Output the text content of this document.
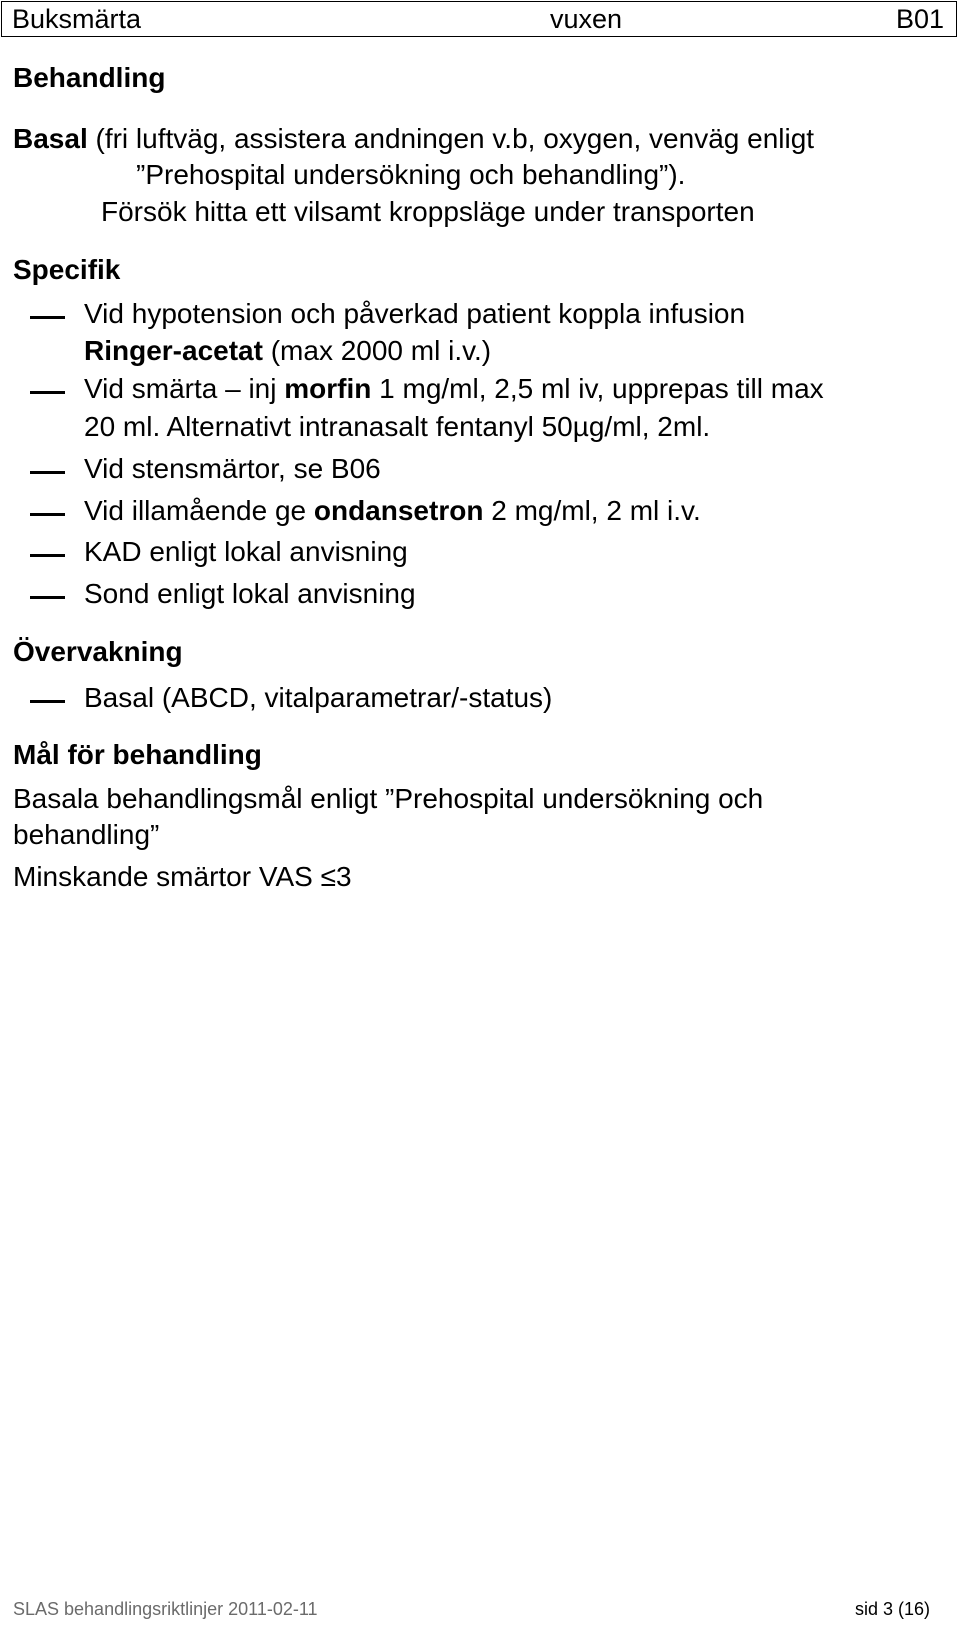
Buksmärta	vuxen	B01
Behandling
Basal (fri luftväg, assistera andningen v.b, oxygen, venväg enligt
”Prehospital undersökning och behandling”).
Försök hitta ett vilsamt kroppsläge under transporten
Specifik
Vid hypotension och påverkad patient koppla infusion
Ringer-acetat (max 2000 ml i.v.)
Vid smärta – inj morfin 1 mg/ml, 2,5 ml iv, upprepas till max
20 ml. Alternativt intranasalt fentanyl 50µg/ml, 2ml.
Vid stensmärtor, se B06
Vid illamående ge ondansetron 2 mg/ml, 2 ml i.v.
KAD enligt lokal anvisning
Sond enligt lokal anvisning
Övervakning
Basal (ABCD, vitalparametrar/-status)
Mål för behandling
Basala behandlingsmål enligt ”Prehospital undersökning och
behandling”
Minskande smärtor VAS ≤3
SLAS behandlingsriktlinjer 2011-02-11	sid 3 (16)
